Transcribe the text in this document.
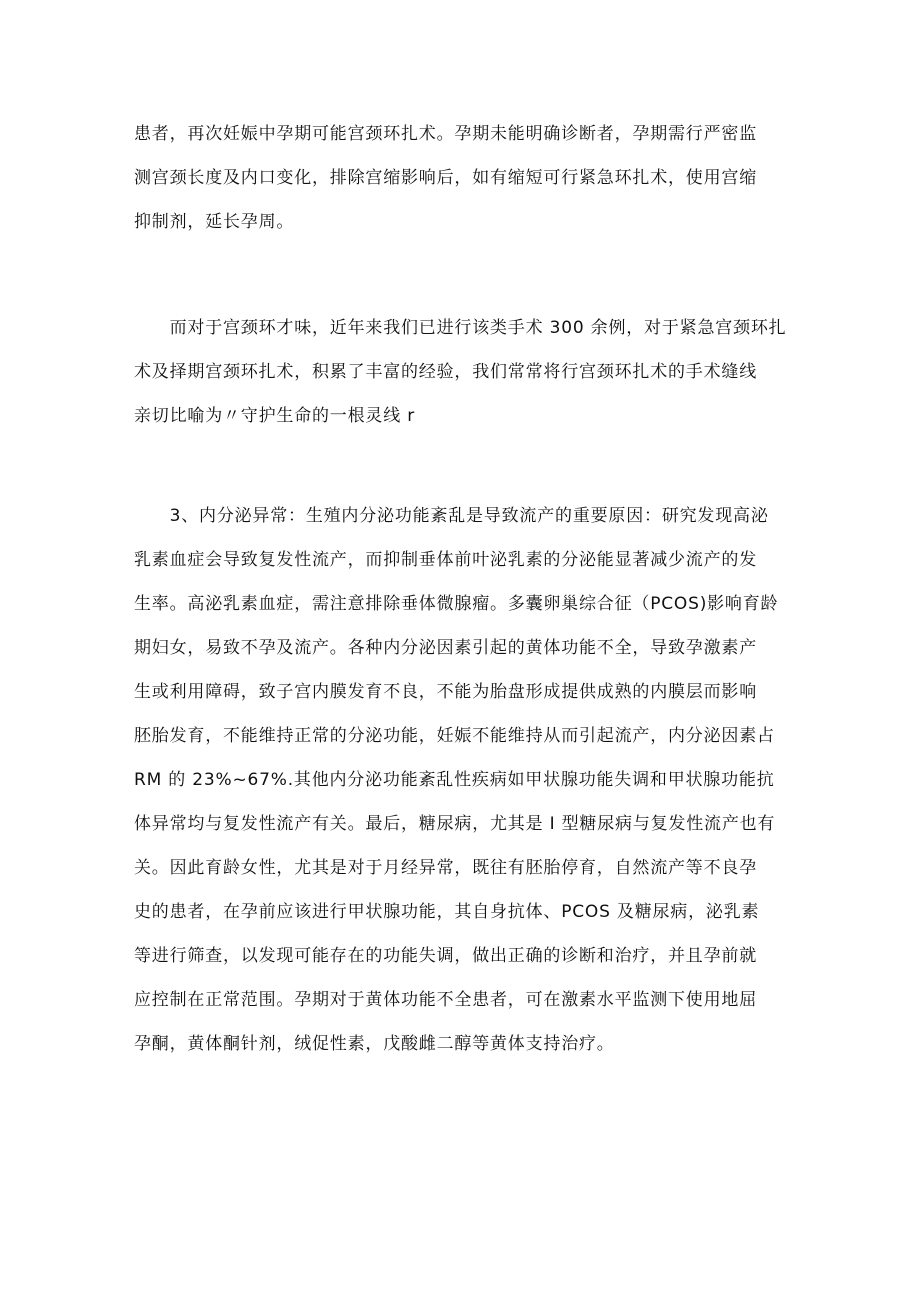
患者，再次妊娠中孕期可能宫颈环扎术。孕期未能明确诊断者，孕期需行严密监
测宫颈长度及内口变化，排除宫缩影响后，如有缩短可行紧急环扎术，使用宫缩
抑制剂，延长孕周。
　　而对于宫颈环才味，近年来我们已进行该类手术 300 余例，对于紧急宫颈环扎
术及择期宫颈环扎术，积累了丰富的经验，我们常常将行宫颈环扎术的手术缝线
亲切比喻为〃守护生命的一根灵线 r
　　3、内分泌异常：生殖内分泌功能紊乱是导致流产的重要原因：研究发现高泌
乳素血症会导致复发性流产，而抑制垂体前叶泌乳素的分泌能显著减少流产的发
生率。高泌乳素血症，需注意排除垂体微腺瘤。多囊卵巢综合征（PCOS)影响育龄
期妇女，易致不孕及流产。各种内分泌因素引起的黄体功能不全，导致孕激素产
生或利用障碍，致子宫内膜发育不良，不能为胎盘形成提供成熟的内膜层而影响
胚胎发育，不能维持正常的分泌功能，妊娠不能维持从而引起流产，内分泌因素占
RM 的 23%~67%.其他内分泌功能紊乱性疾病如甲状腺功能失调和甲状腺功能抗
体异常均与复发性流产有关。最后，糖尿病，尤其是 I 型糖尿病与复发性流产也有
关。因此育龄女性，尤其是对于月经异常，既往有胚胎停育，自然流产等不良孕
史的患者，在孕前应该进行甲状腺功能，其自身抗体、PCOS 及糖尿病，泌乳素
等进行筛查，以发现可能存在的功能失调，做出正确的诊断和治疗，并且孕前就
应控制在正常范围。孕期对于黄体功能不全患者，可在激素水平监测下使用地屈
孕酮，黄体酮针剂，绒促性素，戊酸雌二醇等黄体支持治疗。
